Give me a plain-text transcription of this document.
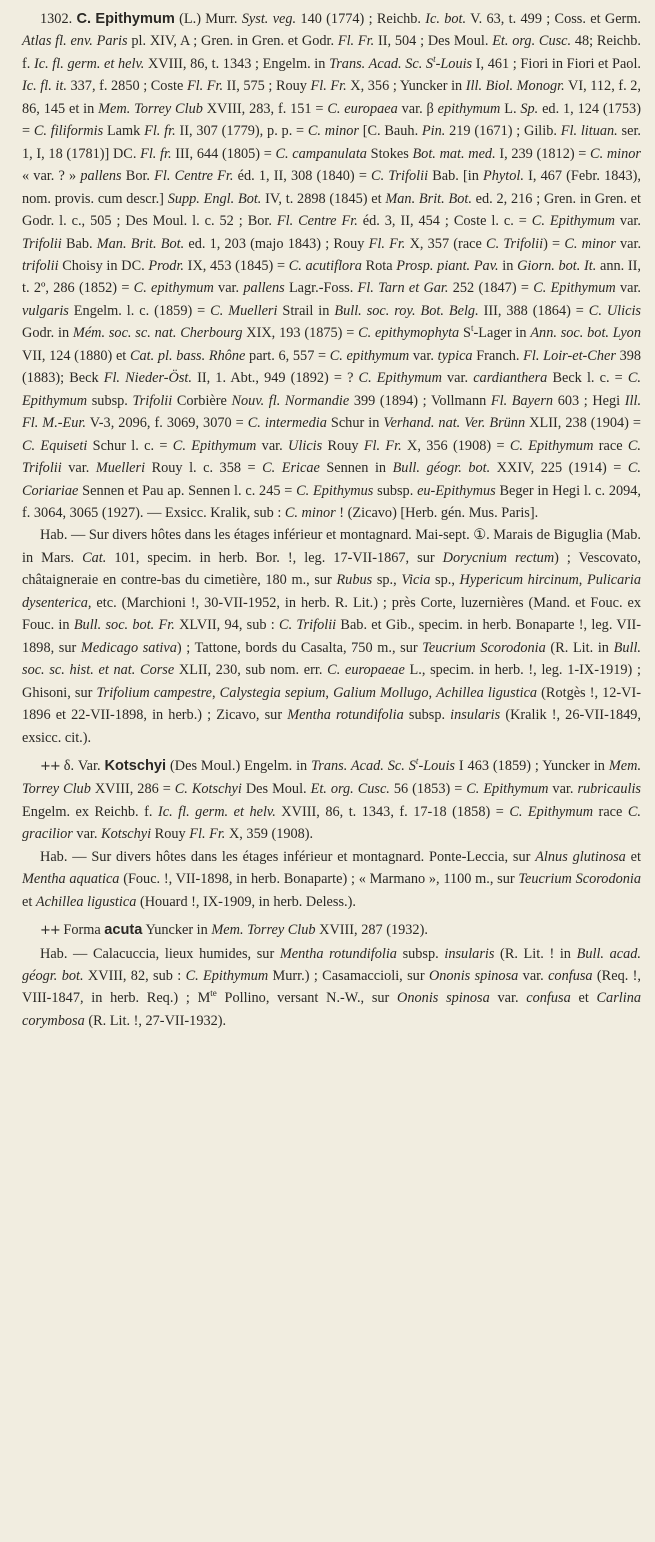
1302. C. Epithymum (L.) Murr. Syst. veg. 140 (1774) ; Reichb. Ic. bot. V. 63, t. 499 ; Coss. et Germ. Atlas fl. env. Paris pl. XIV, A ; Gren. in Gren. et Godr. Fl. Fr. II, 504 ; Des Moul. Et. org. Cusc. 48; Reichb. f. Ic. fl. germ. et helv. XVIII, 86, t. 1343 ; Engelm. in Trans. Acad. Sc. $S^t$-Louis I, 461 ; Fiori in Fiori et Paol. Ic. fl. it. 337, f. 2850 ; Coste Fl. Fr. II, 575 ; Rouy Fl. Fr. X, 356 ; Yuncker in Ill. Biol. Monogr. VI, 112, f. 2, 86, 145 et in Mem. Torrey Club XVIII, 283, f. 151 = C. europaea var. β epithymum L. Sp. ed. 1, 124 (1753) = C. filiformis Lamk Fl. fr. II, 307 (1779), p. p. = C. minor [C. Bauh. Pin. 219 (1671) ; Gilib. Fl. lituan. ser. 1, I, 18 (1781)] DC. Fl. fr. III, 644 (1805) = C. campanulata Stokes Bot. mat. med. I, 239 (1812) = C. minor « var. ? » pallens Bor. Fl. Centre Fr. éd. 1, II, 308 (1840) = C. Trifolii Bab. [in Phytol. I, 467 (Febr. 1843), nom. provis. cum descr.] Supp. Engl. Bot. IV, t. 2898 (1845) et Man. Brit. Bot. ed. 2, 216 ; Gren. in Gren. et Godr. l. c., 505 ; Des Moul. l. c. 52 ; Bor. Fl. Centre Fr. éd. 3, II, 454 ; Coste l. c. = C. Epithymum var. Trifolii Bab. Man. Brit. Bot. ed. 1, 203 (majo 1843) ; Rouy Fl. Fr. X, 357 (race C. Trifolii) = C. minor var. trifolii Choisy in DC. Prodr. IX, 453 (1845) = C. acutiflora Rota Prosp. piant. Pav. in Giorn. bot. It. ann. II, t. 2º, 286 (1852) = C. epithymum var. pallens Lagr.-Foss. Fl. Tarn et Gar. 252 (1847) = C. Epithymum var. vulgaris Engelm. l. c. (1859) = C. Muelleri Strail in Bull. soc. roy. Bot. Belg. III, 388 (1864) = C. Ulicis Godr. in Mém. soc. sc. nat. Cherbourg XIX, 193 (1875) = C. epithymophyta $S^t$-Lager in Ann. soc. bot. Lyon VII, 124 (1880) et Cat. pl. bass. Rhône part. 6, 557 = C. epithymum var. typica Franch. Fl. Loir-et-Cher 398 (1883); Beck Fl. Nieder-Öst. II, 1. Abt., 949 (1892) = ? C. Epithymum var. cardianthera Beck l. c. = C. Epithymum subsp. Trifolii Corbière Nouv. fl. Normandie 399 (1894) ; Vollmann Fl. Bayern 603 ; Hegi Ill. Fl. M.-Eur. V-3, 2096, f. 3069, 3070 = C. intermedia Schur in Verhand. nat. Ver. Brünn XLII, 238 (1904) = C. Equiseti Schur l. c. = C. Epithymum var. Ulicis Rouy Fl. Fr. X, 356 (1908) = C. Epithymum race C. Trifolii var. Muelleri Rouy l. c. 358 = C. Ericae Sennen in Bull. géogr. bot. XXIV, 225 (1914) = C. Coriariae Sennen et Pau ap. Sennen l. c. 245 = C. Epithymus subsp. eu-Epithymus Beger in Hegi l. c. 2094, f. 3064, 3065 (1927). — Exsicc. Kralik, sub : C. minor ! (Zicavo) [Herb. gén. Mus. Paris].

Hab. — Sur divers hôtes dans les étages inférieur et montagnard. Mai-sept. ①. Marais de Biguglia (Mab. in Mars. Cat. 101, specim. in herb. Bor. !, leg. 17-VII-1867, sur Dorycnium rectum) ; Vescovato, châtaigneraie en contre-bas du cimetière, 180 m., sur Rubus sp., Vicia sp., Hypericum hircinum, Pulicaria dysenterica, etc. (Marchioni !, 30-VII-1952, in herb. R. Lit.) ; près Corte, luzernières (Mand. et Fouc. ex Fouc. in Bull. soc. bot. Fr. XLVII, 94, sub : C. Trifolii Bab. et Gib., specim. in herb. Bonaparte !, leg. VII-1898, sur Medicago sativa) ; Tattone, bords du Casalta, 750 m., sur Teucrium Scorodonia (R. Lit. in Bull. soc. sc. hist. et nat. Corse XLII, 230, sub nom. err. C. europaeae L., specim. in herb. !, leg. 1-IX-1919) ; Ghisoni, sur Trifolium campestre, Calystegia sepium, Galium Mollugo, Achillea ligustica (Rotgès !, 12-VI-1896 et 22-VII-1898, in herb.) ; Zicavo, sur Mentha rotundifolia subsp. insularis (Kralik !, 26-VII-1849, exsicc. cit.).

++ δ. Var. Kotschyi (Des Moul.) Engelm. in Trans. Acad. Sc. $S^t$-Louis I 463 (1859) ; Yuncker in Mem. Torrey Club XVIII, 286 = C. Kotschyi Des Moul. Et. org. Cusc. 56 (1853) = C. Epithymum var. rubricaulis Engelm. ex Reichb. f. Ic. fl. germ. et helv. XVIII, 86, t. 1343, f. 17-18 (1858) = C. Epithymum race C. gracilior var. Kotschyi Rouy Fl. Fr. X, 359 (1908).

Hab. — Sur divers hôtes dans les étages inférieur et montagnard. Ponte-Leccia, sur Alnus glutinosa et Mentha aquatica (Fouc. !, VII-1898, in herb. Bonaparte) ; « Marmano », 1100 m., sur Teucrium Scorodonia et Achillea ligustica (Houard !, IX-1909, in herb. Deless.).

++ Forma acuta Yuncker in Mem. Torrey Club XVIII, 287 (1932).

Hab. — Calacuccia, lieux humides, sur Mentha rotundifolia subsp. insularis (R. Lit. ! in Bull. acad. géogr. bot. XVIII, 82, sub : C. Epithymum Murr.) ; Casamaccioli, sur Ononis spinosa var. confusa (Req. !, VIII-1847, in herb. Req.) ; $M^{te}$ Pollino, versant N.-W., sur Ononis spinosa var. confusa et Carlina corymbosa (R. Lit. !, 27-VII-1932).
